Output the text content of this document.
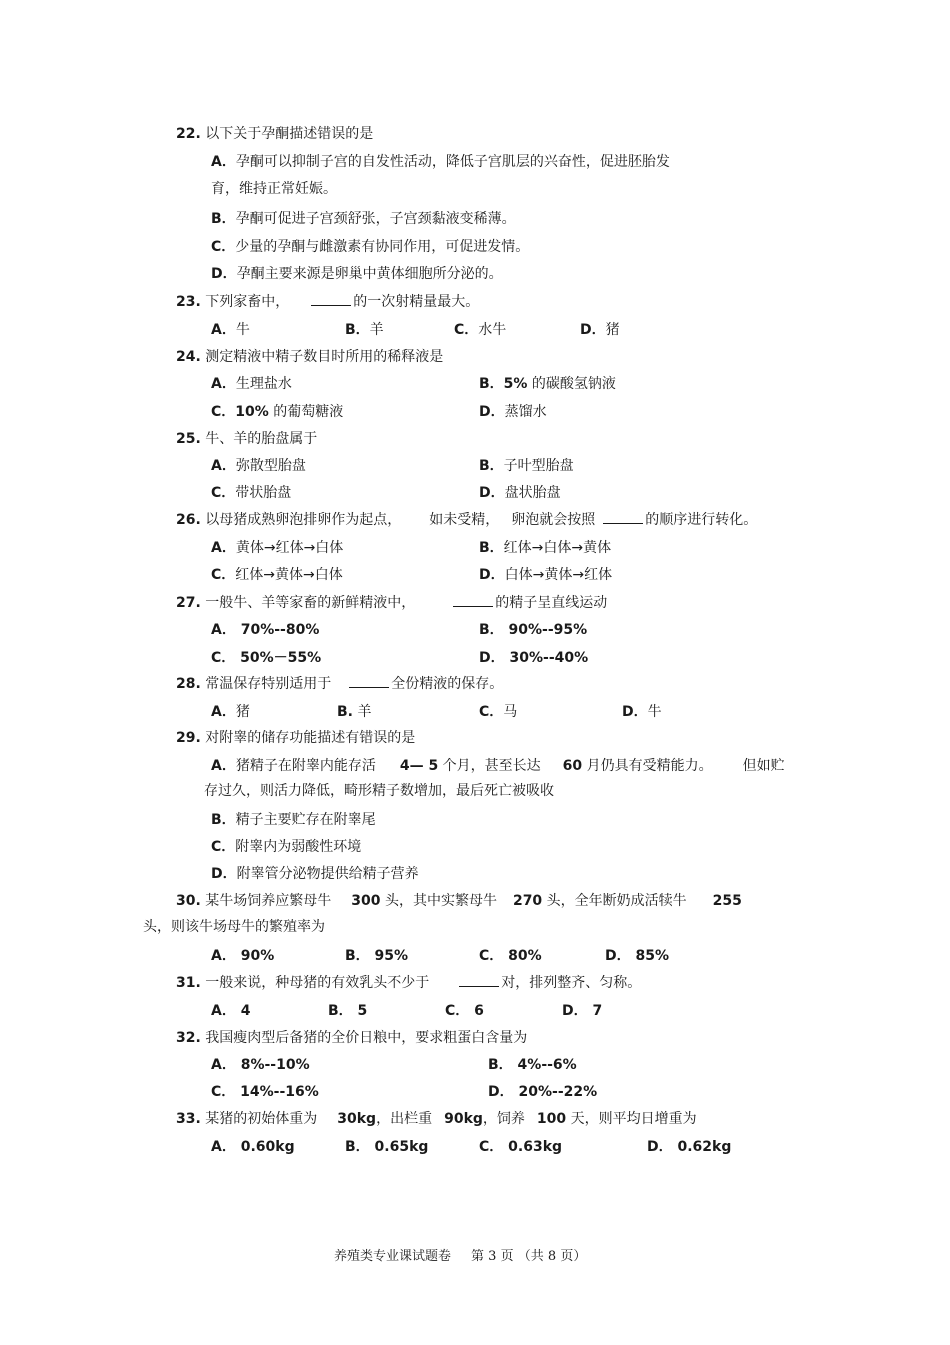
22. 以下关于孕酮描述错误的是
A．孕酮可以抑制子宫的自发性活动，降低子宫肌层的兴奋性，促进胚胎发
育，维持正常妊娠。
B．孕酮可促进子宫颈舒张，子宫颈黏液变稀薄。
C．少量的孕酮与雌激素有协同作用，可促进发情。
D．孕酮主要来源是卵巢中黄体细胞所分泌的。
23. 下列家畜中，	的一次射精量最大。
A．牛	B．羊	C．水牛	D．猪
24. 测定精液中精子数目时所用的稀释液是
A．生理盐水	B．5% 的碳酸氢钠液
C．10% 的葡萄糖液	D．蒸馏水
25. 牛、羊的胎盘属于
A．弥散型胎盘	B．子叶型胎盘
C．带状胎盘	D．盘状胎盘
26. 以母猪成熟卵泡排卵作为起点， 如未受精， 卵泡就会按照	的顺序进行转化。
A．黄体→红体→白体	B．红体→白体→黄体
C．红体→黄体→白体	D．白体→黄体→红体
27. 一般牛、羊等家畜的新鲜精液中，	的精子呈直线运动
A． 70%--80%	B． 90%--95%
C． 50%－55%	D． 30%--40%
28. 常温保存特别适用于	全份精液的保存。
A．猪	B. 羊	C．马	D．牛
29. 对附睾的储存功能描述有错误的是
A．猪精子在附睾内能存活 4— 5 个月，甚至长达 60 月仍具有受精能力。 但如贮
存过久，则活力降低，畸形精子数增加，最后死亡被吸收
B．精子主要贮存在附睾尾
C．附睾内为弱酸性环境
D．附睾管分泌物提供给精子营养
30. 某牛场饲养应繁母牛 300 头，其中实繁母牛 270 头，全年断奶成活犊牛 255
头，则该牛场母牛的繁殖率为
A． 90%	B． 95%	C． 80%	D． 85%
31. 一般来说，种母猪的有效乳头不少于	对，排列整齐、匀称。
A． 4	B． 5	C． 6	D． 7
32. 我国瘦肉型后备猪的全价日粮中，要求粗蛋白含量为
A． 8%--10%	B． 4%--6%
C． 14%--16%	D． 20%--22%
33. 某猪的初始体重为 30kg，出栏重 90kg，饲养 100 天，则平均日增重为
A． 0.60kg	B． 0.65kg	C． 0.63kg	D． 0.62kg
养殖类专业课试题卷 第 3 页 （共 8 页）
